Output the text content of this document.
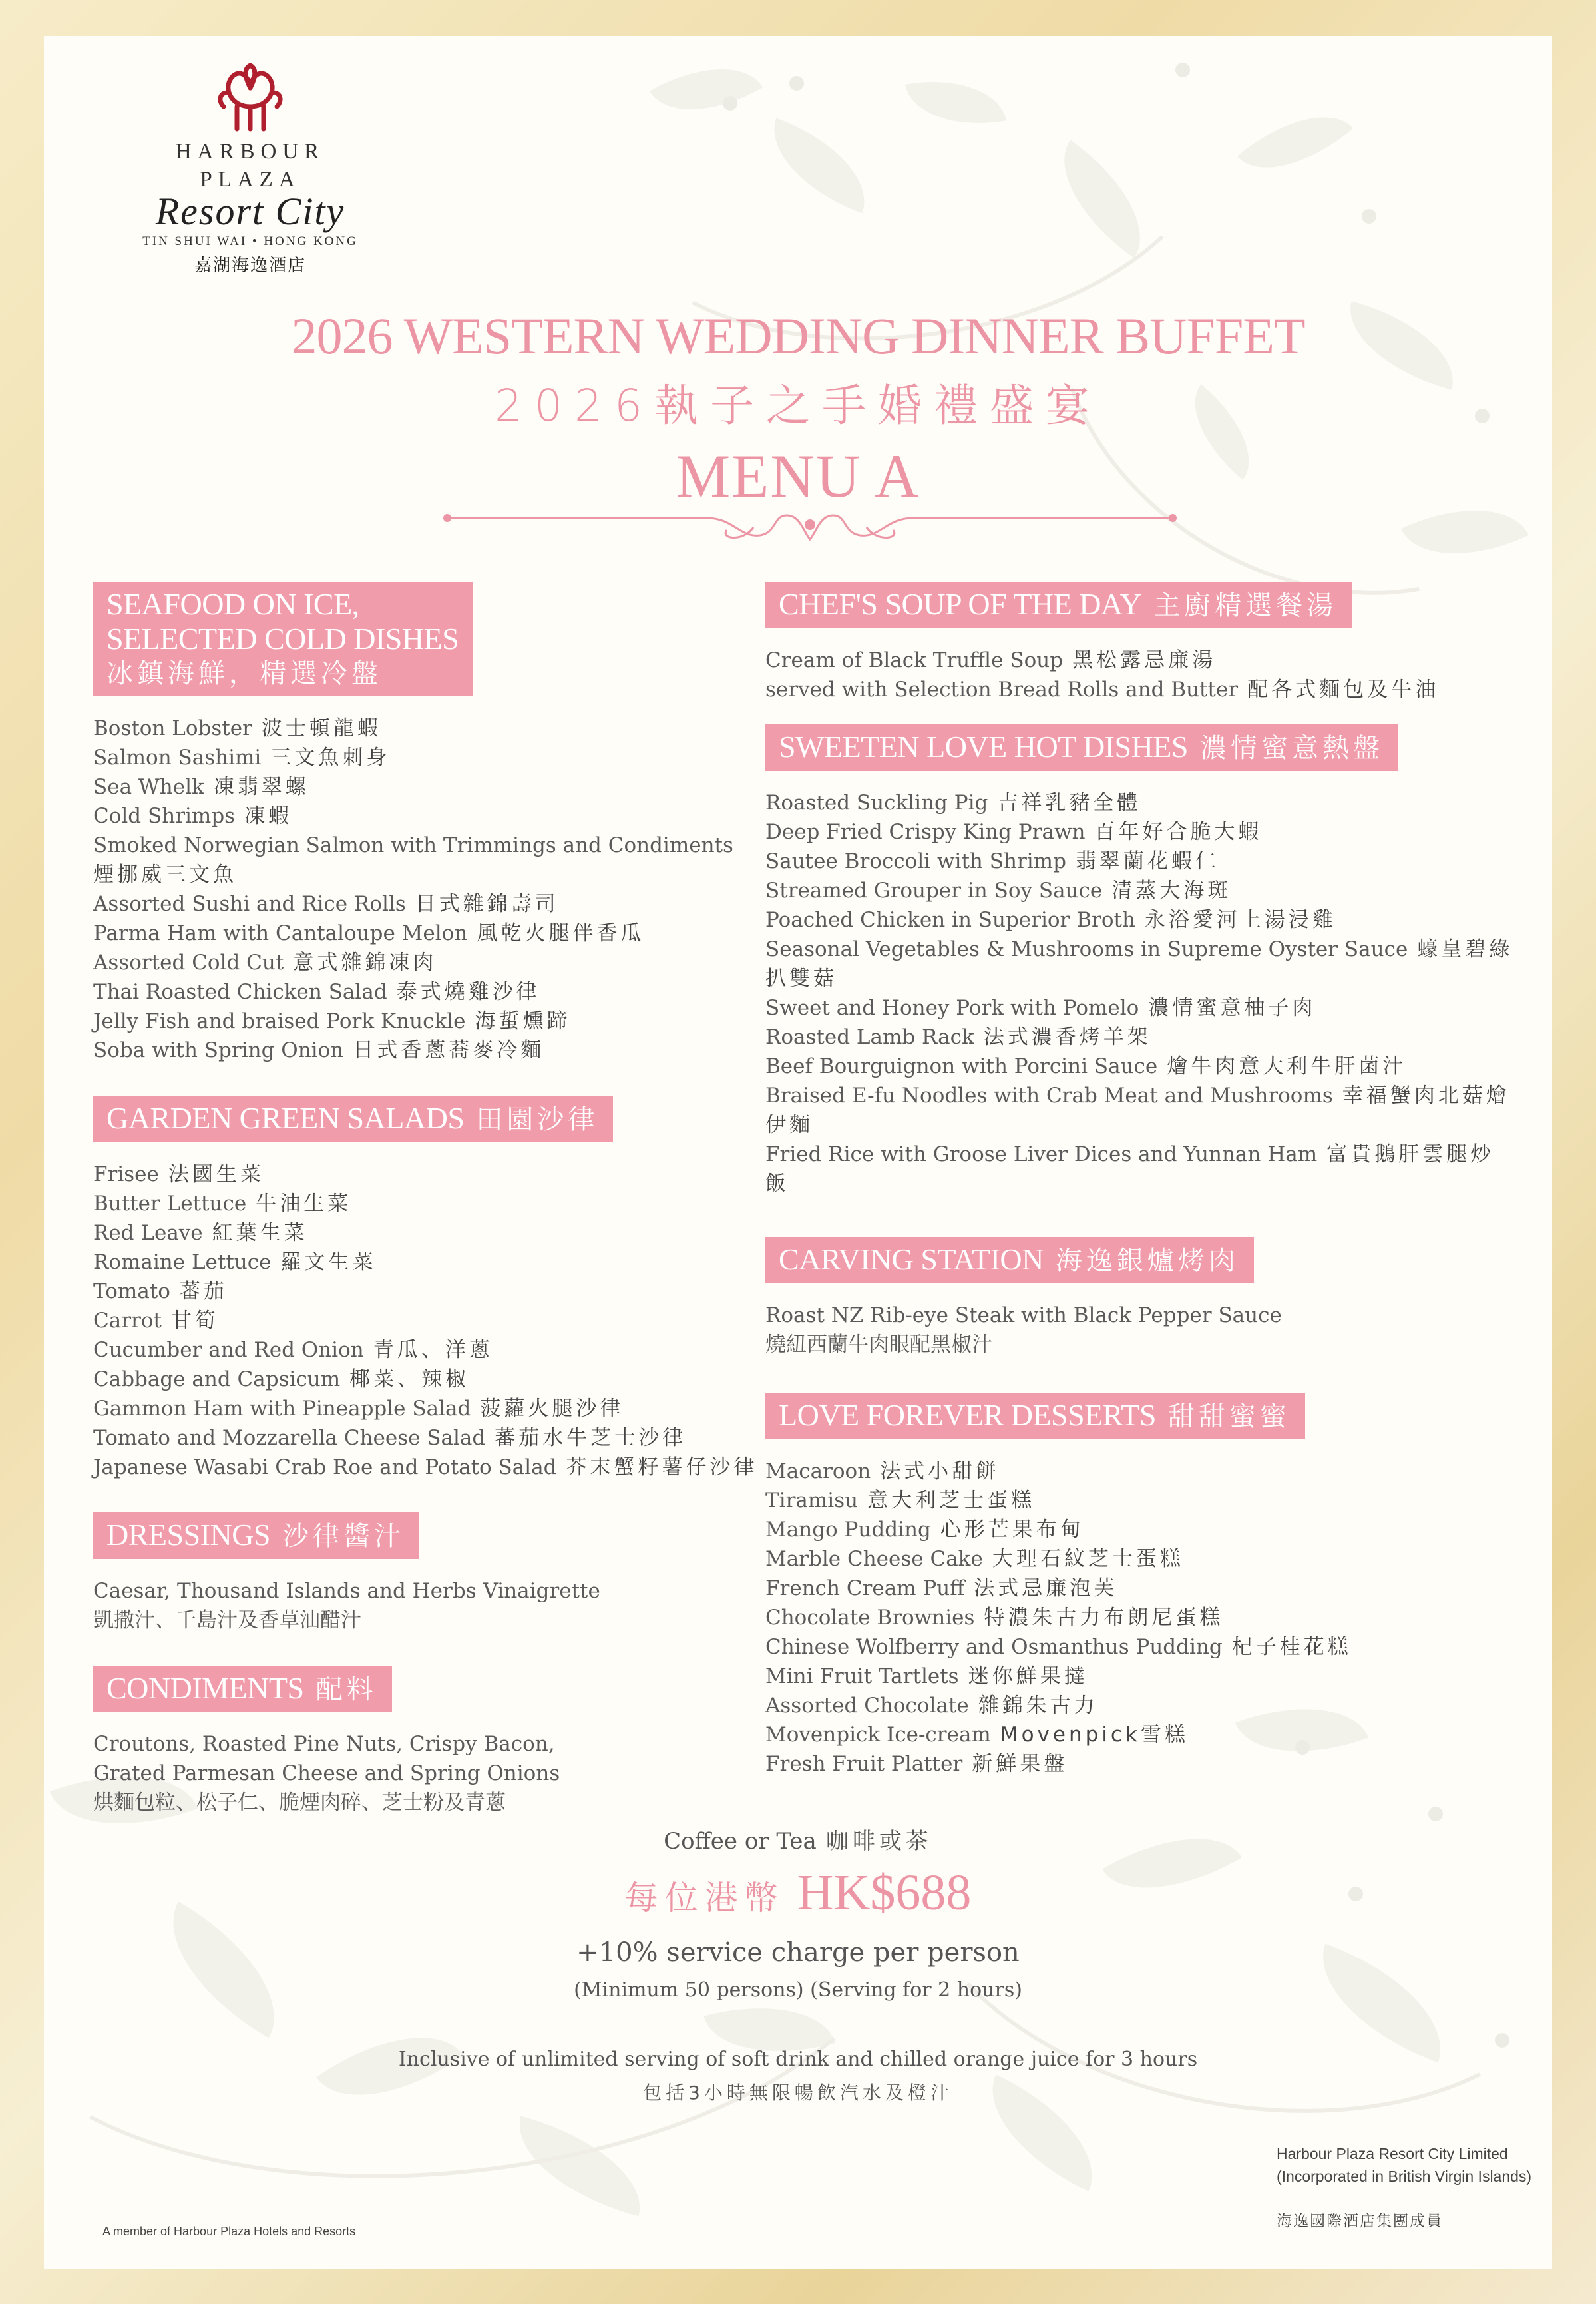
HARBOUR
PLAZA
Resort City
TIN SHUI WAI • HONG KONG
嘉湖海逸酒店
2026 WESTERN WEDDING DINNER BUFFET
2026執子之手婚禮盛宴
MENU A
SEAFOOD ON ICE,
SELECTED COLD DISHES
冰鎮海鮮，精選冷盤
Boston Lobster 波士頓龍蝦
Salmon Sashimi 三文魚刺身
Sea Whelk 凍翡翠螺
Cold Shrimps 凍蝦
Smoked Norwegian Salmon with Trimmings and Condiments
煙挪威三文魚
Assorted Sushi and Rice Rolls 日式雜錦壽司
Parma Ham with Cantaloupe Melon 風乾火腿伴香瓜
Assorted Cold Cut 意式雜錦凍肉
Thai Roasted Chicken Salad 泰式燒雞沙律
Jelly Fish and braised Pork Knuckle 海蜇燻蹄
Soba with Spring Onion 日式香蔥蕎麥冷麵
GARDEN GREEN SALADS 田園沙律
Frisee 法國生菜
Butter Lettuce 牛油生菜
Red Leave 紅葉生菜
Romaine Lettuce 羅文生菜
Tomato 蕃茄
Carrot 甘筍
Cucumber and Red Onion 青瓜、洋蔥
Cabbage and Capsicum 椰菜、辣椒
Gammon Ham with Pineapple Salad 菠蘿火腿沙律
Tomato and Mozzarella Cheese Salad 蕃茄水牛芝士沙律
Japanese Wasabi Crab Roe and Potato Salad 芥末蟹籽薯仔沙律
DRESSINGS 沙律醬汁
Caesar, Thousand Islands and Herbs Vinaigrette
凱撒汁、千島汁及香草油醋汁
CONDIMENTS 配料
Croutons, Roasted Pine Nuts, Crispy Bacon,
Grated Parmesan Cheese and Spring Onions
烘麵包粒、松子仁、脆煙肉碎、芝士粉及青蔥
CHEF'S SOUP OF THE DAY 主廚精選餐湯
Cream of Black Truffle Soup 黑松露忌廉湯
served with Selection Bread Rolls and Butter 配各式麵包及牛油
SWEETEN LOVE HOT DISHES 濃情蜜意熱盤
Roasted Suckling Pig 吉祥乳豬全體
Deep Fried Crispy King Prawn 百年好合脆大蝦
Sautee Broccoli with Shrimp 翡翠蘭花蝦仁
Streamed Grouper in Soy Sauce 清蒸大海斑
Poached Chicken in Superior Broth 永浴愛河上湯浸雞
Seasonal Vegetables & Mushrooms in Supreme Oyster Sauce 蠔皇碧綠扒雙菇
Sweet and Honey Pork with Pomelo 濃情蜜意柚子肉
Roasted Lamb Rack 法式濃香烤羊架
Beef Bourguignon with Porcini Sauce 燴牛肉意大利牛肝菌汁
Braised E-fu Noodles with Crab Meat and Mushrooms 幸福蟹肉北菇燴伊麵
Fried Rice with Groose Liver Dices and Yunnan Ham 富貴鵝肝雲腿炒飯
CARVING STATION 海逸銀爐烤肉
Roast NZ Rib-eye Steak with Black Pepper Sauce
燒紐西蘭牛肉眼配黑椒汁
LOVE FOREVER DESSERTS 甜甜蜜蜜
Macaroon 法式小甜餅
Tiramisu 意大利芝士蛋糕
Mango Pudding 心形芒果布甸
Marble Cheese Cake 大理石紋芝士蛋糕
French Cream Puff 法式忌廉泡芙
Chocolate Brownies 特濃朱古力布朗尼蛋糕
Chinese Wolfberry and Osmanthus Pudding 杞子桂花糕
Mini Fruit Tartlets 迷你鮮果撻
Assorted Chocolate 雜錦朱古力
Movenpick Ice-cream Movenpick雪糕
Fresh Fruit Platter 新鮮果盤
Coffee or Tea 咖啡或茶
每位港幣 HK$688
+10% service charge per person
(Minimum 50 persons) (Serving for 2 hours)
Inclusive of unlimited serving of soft drink and chilled orange juice for 3 hours
包括3小時無限暢飲汽水及橙汁
A member of Harbour Plaza Hotels and Resorts
Harbour Plaza Resort City Limited
(Incorporated in British Virgin Islands)
海逸國際酒店集團成員
